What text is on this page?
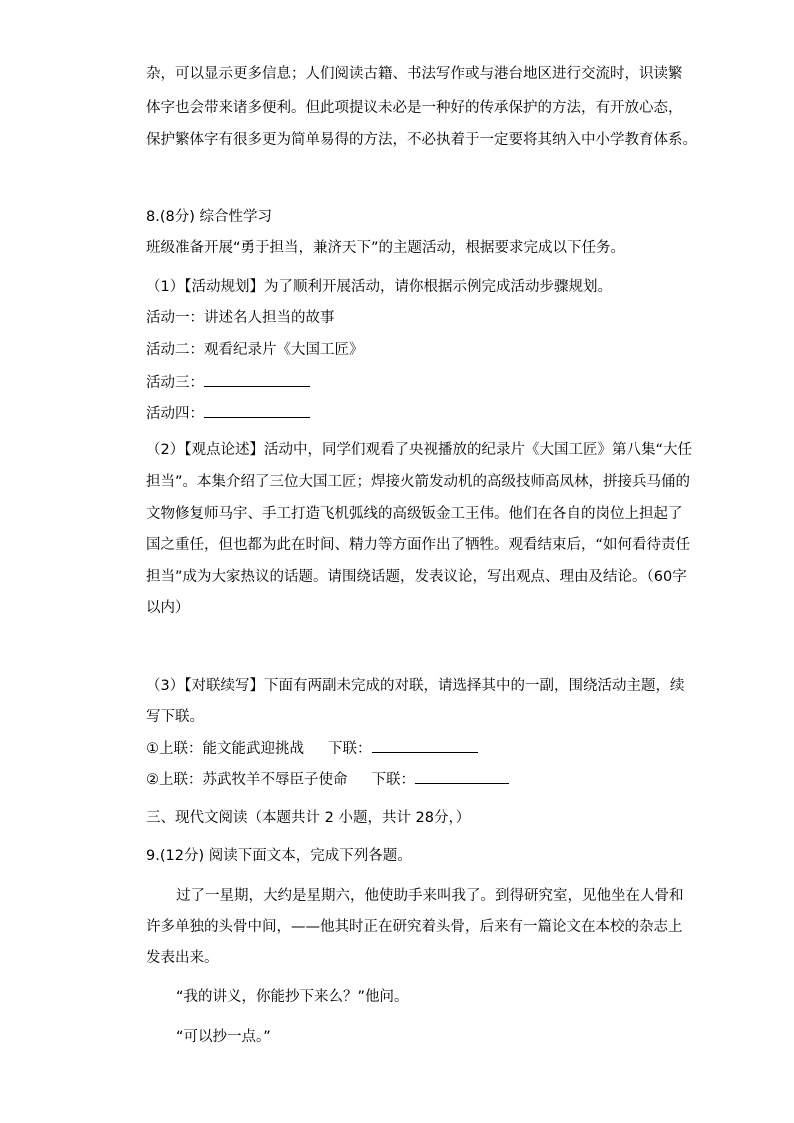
杂，可以显示更多信息；人们阅读古籍、书法写作或与港台地区进行交流时，识读繁
体字也会带来诸多便利。但此项提议未必是一种好的传承保护的方法，有开放心态，
保护繁体字有很多更为简单易得的方法，不必执着于一定要将其纳入中小学教育体系。
8.(8分) 综合性学习
班级准备开展“勇于担当，兼济天下”的主题活动，根据要求完成以下任务。
（1）【活动规划】为了顺利开展活动，请你根据示例完成活动步骤规划。
活动一：讲述名人担当的故事
活动二：观看纪录片《大国工匠》
活动三：
活动四：
（2）【观点论述】活动中，同学们观看了央视播放的纪录片《大国工匠》第八集“大任
担当”。本集介绍了三位大国工匠；焊接火箭发动机的高级技师高凤林，拼接兵马俑的
文物修复师马宇、手工打造飞机弧线的高级钣金工王伟。他们在各自的岗位上担起了
国之重任，但也都为此在时间、精力等方面作出了牺牲。观看结束后，“如何看待责任
担当”成为大家热议的话题。请围绕话题，发表议论，写出观点、理由及结论。（60字
以内）
（3）【对联续写】下面有两副未完成的对联，请选择其中的一副，围绕活动主题，续
写下联。
①上联：能文能武迎挑战 下联：
②上联：苏武牧羊不辱臣子使命 下联：
三、现代文阅读（本题共计 2 小题，共计 28分，）
9.(12分) 阅读下面文本，完成下列各题。
过了一星期，大约是星期六，他使助手来叫我了。到得研究室，见他坐在人骨和
许多单独的头骨中间，——他其时正在研究着头骨，后来有一篇论文在本校的杂志上
发表出来。
“我的讲义，你能抄下来么？”他问。
“可以抄一点。”
